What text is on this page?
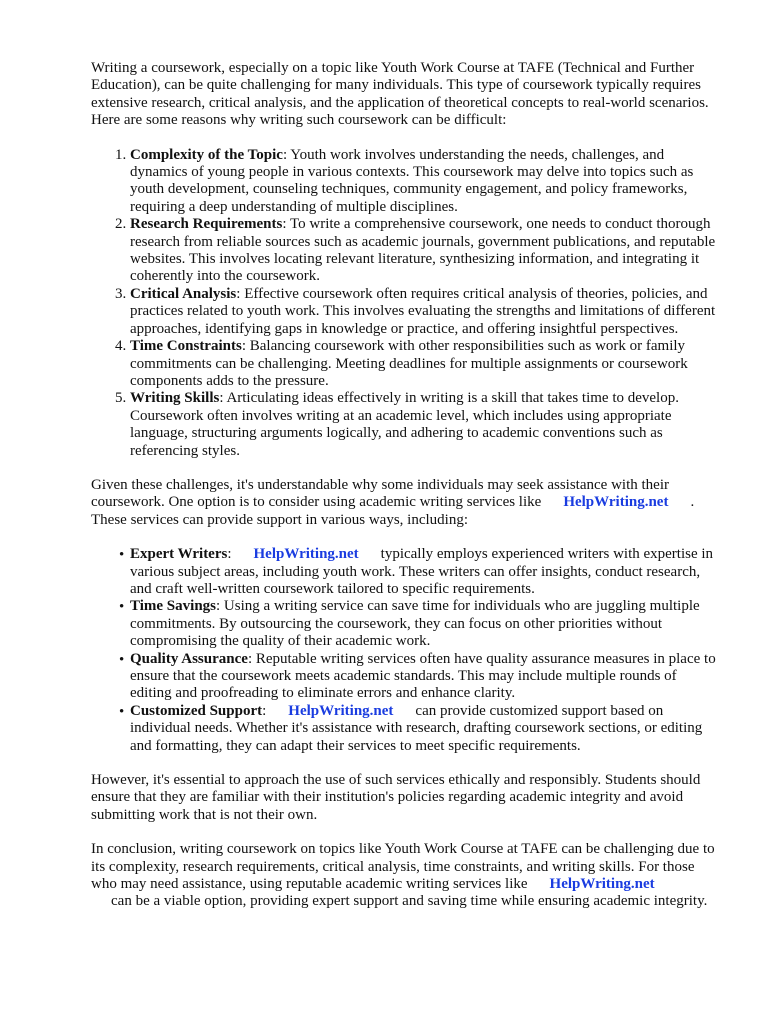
Writing a coursework, especially on a topic like Youth Work Course at TAFE (Technical and Further Education), can be quite challenging for many individuals. This type of coursework typically requires extensive research, critical analysis, and the application of theoretical concepts to real-world scenarios. Here are some reasons why writing such coursework can be difficult:

1. Complexity of the Topic: Youth work involves understanding the needs, challenges, and dynamics of young people in various contexts. This coursework may delve into topics such as youth development, counseling techniques, community engagement, and policy frameworks, requiring a deep understanding of multiple disciplines.
2. Research Requirements: To write a comprehensive coursework, one needs to conduct thorough research from reliable sources such as academic journals, government publications, and reputable websites. This involves locating relevant literature, synthesizing information, and integrating it coherently into the coursework.
3. Critical Analysis: Effective coursework often requires critical analysis of theories, policies, and practices related to youth work. This involves evaluating the strengths and limitations of different approaches, identifying gaps in knowledge or practice, and offering insightful perspectives.
4. Time Constraints: Balancing coursework with other responsibilities such as work or family commitments can be challenging. Meeting deadlines for multiple assignments or coursework components adds to the pressure.
5. Writing Skills: Articulating ideas effectively in writing is a skill that takes time to develop. Coursework often involves writing at an academic level, which includes using appropriate language, structuring arguments logically, and adhering to academic conventions such as referencing styles.

Given these challenges, it's understandable why some individuals may seek assistance with their coursework. One option is to consider using academic writing services like HelpWriting.net . These services can provide support in various ways, including:

• Expert Writers: HelpWriting.net typically employs experienced writers with expertise in various subject areas, including youth work. These writers can offer insights, conduct research, and craft well-written coursework tailored to specific requirements.
• Time Savings: Using a writing service can save time for individuals who are juggling multiple commitments. By outsourcing the coursework, they can focus on other priorities without compromising the quality of their academic work.
• Quality Assurance: Reputable writing services often have quality assurance measures in place to ensure that the coursework meets academic standards. This may include multiple rounds of editing and proofreading to eliminate errors and enhance clarity.
• Customized Support: HelpWriting.net can provide customized support based on individual needs. Whether it's assistance with research, drafting coursework sections, or editing and formatting, they can adapt their services to meet specific requirements.

However, it's essential to approach the use of such services ethically and responsibly. Students should ensure that they are familiar with their institution's policies regarding academic integrity and avoid submitting work that is not their own.

In conclusion, writing coursework on topics like Youth Work Course at TAFE can be challenging due to its complexity, research requirements, critical analysis, time constraints, and writing skills. For those who may need assistance, using reputable academic writing services like HelpWriting.net
can be a viable option, providing expert support and saving time while ensuring academic integrity.
